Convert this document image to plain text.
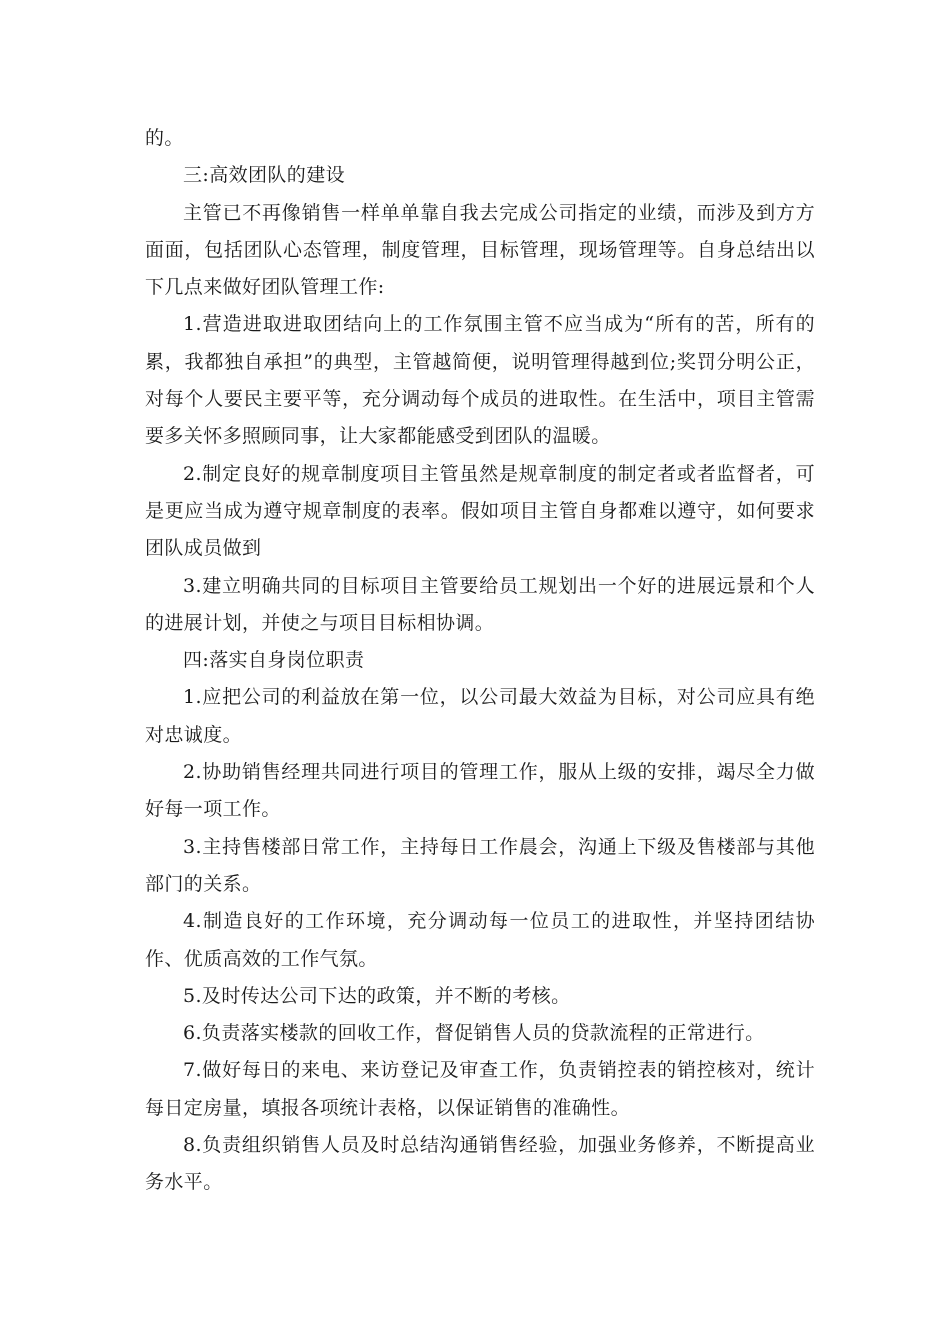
的。

三:高效团队的建设

主管已不再像销售一样单单靠自我去完成公司指定的业绩，而涉及到方方面面，包括团队心态管理，制度管理，目标管理，现场管理等。自身总结出以下几点来做好团队管理工作:

1.营造进取进取团结向上的工作氛围主管不应当成为“所有的苦，所有的累，我都独自承担”的典型，主管越简便，说明管理得越到位;奖罚分明公正，对每个人要民主要平等，充分调动每个成员的进取性。在生活中，项目主管需要多关怀多照顾同事，让大家都能感受到团队的温暖。

2.制定良好的规章制度项目主管虽然是规章制度的制定者或者监督者，可是更应当成为遵守规章制度的表率。假如项目主管自身都难以遵守，如何要求团队成员做到

3.建立明确共同的目标项目主管要给员工规划出一个好的进展远景和个人的进展计划，并使之与项目目标相协调。

四:落实自身岗位职责

1.应把公司的利益放在第一位，以公司最大效益为目标，对公司应具有绝对忠诚度。

2.协助销售经理共同进行项目的管理工作，服从上级的安排，竭尽全力做好每一项工作。

3.主持售楼部日常工作，主持每日工作晨会，沟通上下级及售楼部与其他部门的关系。

4.制造良好的工作环境，充分调动每一位员工的进取性，并坚持团结协作、优质高效的工作气氛。

5.及时传达公司下达的政策，并不断的考核。

6.负责落实楼款的回收工作，督促销售人员的贷款流程的正常进行。

7.做好每日的来电、来访登记及审查工作，负责销控表的销控核对，统计每日定房量，填报各项统计表格，以保证销售的准确性。

8.负责组织销售人员及时总结沟通销售经验，加强业务修养，不断提高业务水平。
